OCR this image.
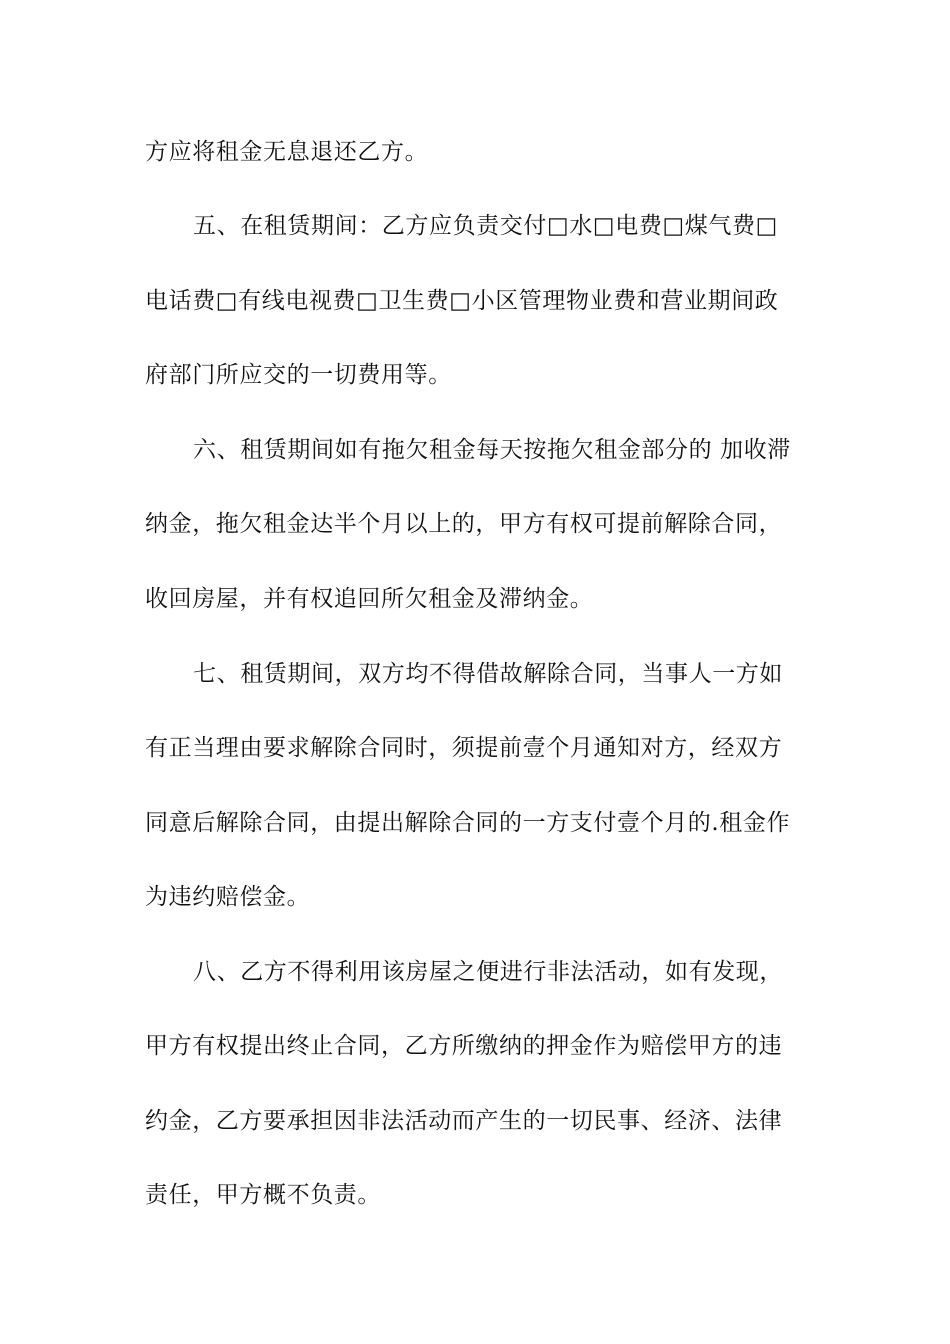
方应将租金无息退还乙方。
五、在租赁期间：乙方应负责交付□水□电费□煤气费□
电话费□有线电视费□卫生费□小区管理物业费和营业期间政
府部门所应交的一切费用等。
六、租赁期间如有拖欠租金每天按拖欠租金部分的 加收滞
纳金，拖欠租金达半个月以上的，甲方有权可提前解除合同，
收回房屋，并有权追回所欠租金及滞纳金。
七、租赁期间，双方均不得借故解除合同，当事人一方如
有正当理由要求解除合同时，须提前壹个月通知对方，经双方
同意后解除合同，由提出解除合同的一方支付壹个月的.租金作
为违约赔偿金。
八、乙方不得利用该房屋之便进行非法活动，如有发现，
甲方有权提出终止合同，乙方所缴纳的押金作为赔偿甲方的违
约金，乙方要承担因非法活动而产生的一切民事、经济、法律
责任，甲方概不负责。
